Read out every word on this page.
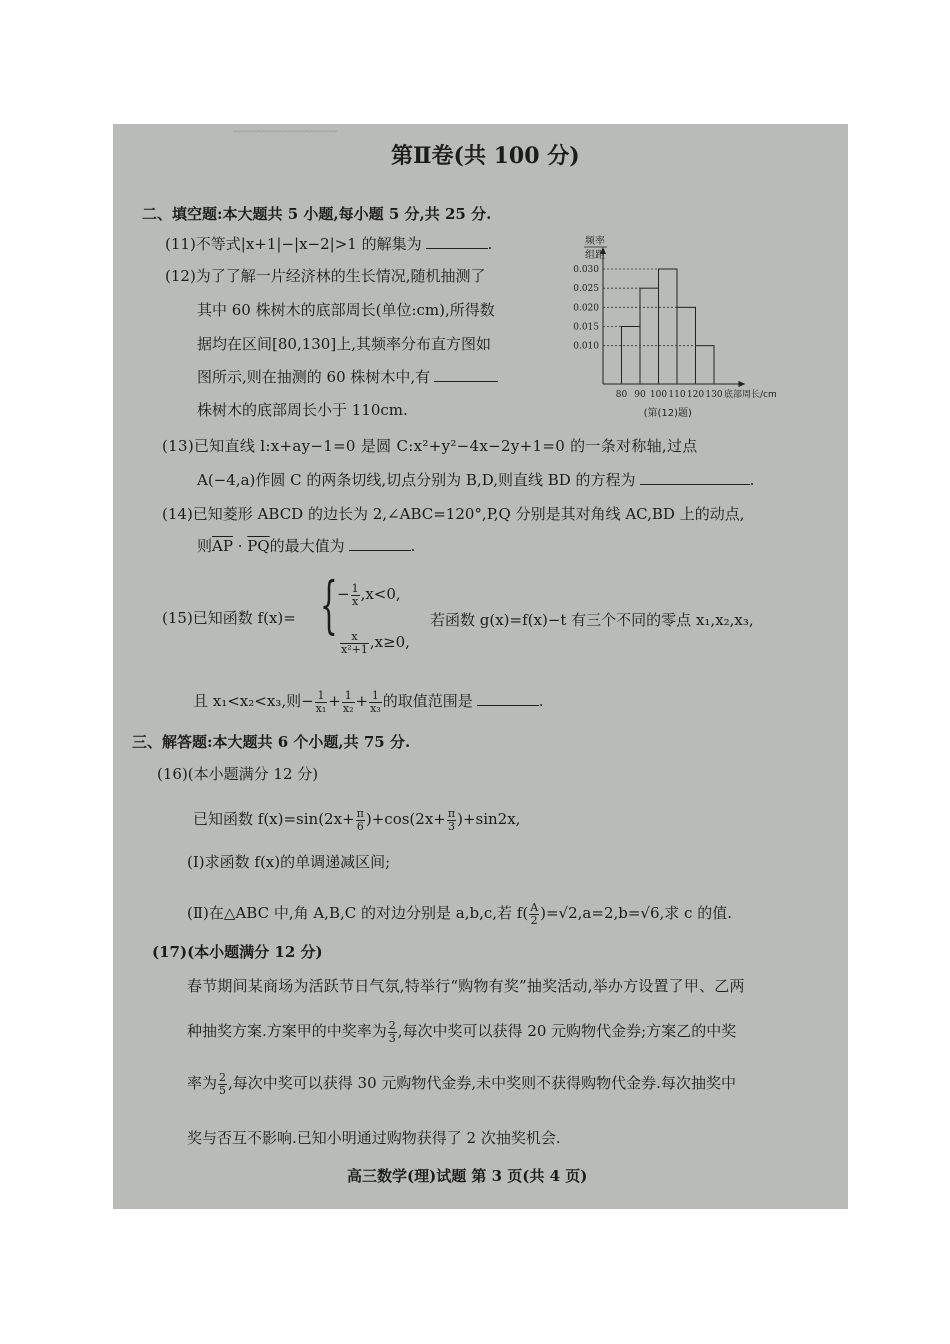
﹌﹌﹌﹌﹌﹌﹌﹌
第Ⅱ卷(共 100 分)
二、填空题:本大题共 5 小题,每小题 5 分,共 25 分.
(11)不等式|x+1|−|x−2|>1 的解集为	.
(12)为了了解一片经济林的生长情况,随机抽测了
其中 60 株树木的底部周长(单位:cm),所得数
据均在区间[80,130]上,其频率分布直方图如
图所示,则在抽测的 60 株树木中,有
株树木的底部周长小于 110cm.
频率
组距
0.030
0.025
0.020
0.015
0.010
80 90 100 110 120 130 底部周长/cm
(第(12)题)
(13)已知直线 l:x+ay−1=0 是圆 C:x²+y²−4x−2y+1=0 的一条对称轴,过点
A(−4,a)作圆 C 的两条切线,切点分别为 B,D,则直线 BD 的方程为	.
(14)已知菱形 ABCD 的边长为 2,∠ABC=120°,P,Q 分别是其对角线 AC,BD 上的动点,
则$\overline{AP} \cdot \overline{PQ}$的最大值为	.
(15)已知函数 f(x)= { − $\frac{1}{x} ,x<0$,
$\frac{x}{\text{x²+1}} ,x\ge 0$,
若函数 g(x)=f(x)−t 有三个不同的零点 x₁,x₂,x₃,
且 x₁<x₂<x₃,则− $\frac{1}{\text{x₁}} + \frac{1}{\text{x₂}} + \frac{1}{\text{x₃}}$ 的取值范围是	.
三、解答题:本大题共 6 个小题,共 75 分.
(16)(本小题满分 12 分)
已知函数 $f(x)=\sin(2x+ \frac{\pi}{6} )+\cos(2x+ \frac{\pi}{3} )+\sin 2x$,
(Ⅰ)求函数 f(x)的单调递减区间;
(Ⅱ)在△ABC 中,角 A,B,C 的对边分别是 a,b,c,若 $f( \frac{A}{2} )=√2,a=2,b=√6$,求 c 的值.
(17)(本小题满分 12 分)
春节期间某商场为活跃节日气氛,特举行“购物有奖”抽奖活动,举办方设置了甲、乙两
种抽奖方案.方案甲的中奖率为 $\frac{2}{3}$ ,每次中奖可以获得 20 元购物代金券;方案乙的中奖
率为 $\frac{2}{5}$ ,每次中奖可以获得 30 元购物代金券,未中奖则不获得购物代金券.每次抽奖中
奖与否互不影响.已知小明通过购物获得了 2 次抽奖机会.
高三数学(理)试题 第 3 页(共 4 页)
